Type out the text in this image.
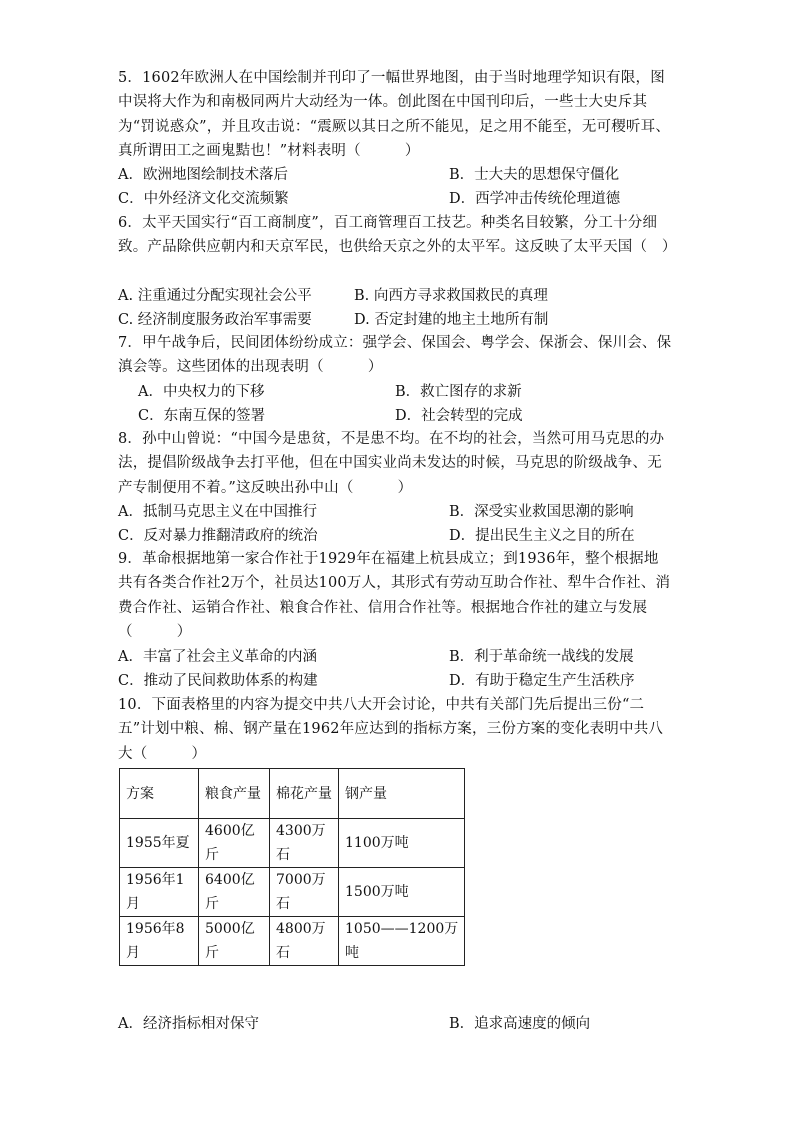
5．1602年欧洲人在中国绘制并刊印了一幅世界地图，由于当时地理学知识有限，图中误将大作为和南极同两片大动经为一体。创此图在中国刊印后，一些士大史斥其为“罚说惑众”，并且攻击说：“震厥以其日之所不能见，足之用不能至，无可稷听耳、真所谓田工之画鬼黠也！”材料表明（　　　）

A．欧洲地图绘制技术落后	B．士大夫的思想保守僵化
C．中外经济文化交流频繁	D．西学冲击传统伦理道德

6．太平天国实行“百工商制度”，百工商管理百工技艺。种类名目较繁，分工十分细致。产品除供应朝内和天京军民，也供给天京之外的太平军。这反映了太平天国（　）

A. 注重通过分配实现社会公平	B. 向西方寻求救国救民的真理
C. 经济制度服务政治军事需要	D. 否定封建的地主土地所有制

7．甲午战争后，民间团体纷纷成立：强学会、保国会、粤学会、保浙会、保川会、保滇会等。这些团体的出现表明（　　　）

A．中央权力的下移	B．救亡图存的求新
C．东南互保的签署	D．社会转型的完成

8．孙中山曾说：“中国今是患贫，不是患不均。在不均的社会，当然可用马克思的办法，提倡阶级战争去打平他，但在中国实业尚未发达的时候，马克思的阶级战争、无产专制便用不着。”这反映出孙中山（　　　）

A．抵制马克思主义在中国推行	B．深受实业救国思潮的影响
C．反对暴力推翻清政府的统治	D．提出民生主义之目的所在

9．革命根据地第一家合作社于1929年在福建上杭县成立；到1936年，整个根据地共有各类合作社2万个，社员达100万人，其形式有劳动互助合作社、犁牛合作社、消费合作社、运销合作社、粮食合作社、信用合作社等。根据地合作社的建立与发展（　　　）

A．丰富了社会主义革命的内涵	B．利于革命统一战线的发展
C．推动了民间救助体系的构建	D．有助于稳定生产生活秩序

10．下面表格里的内容为提交中共八大开会讨论，中共有关部门先后提出三份“二五”计划中粮、棉、钢产量在1962年应达到的指标方案，三份方案的变化表明中共八大（　　　）

方案	粮食产量	棉花产量	钢产量
1955年夏	4600亿斤	4300万石	1100万吨
1956年1月	6400亿斤	7000万石	1500万吨
1956年8月	5000亿斤	4800万石	1050——1200万吨
A．经济指标相对保守	B．追求高速度的倾向
